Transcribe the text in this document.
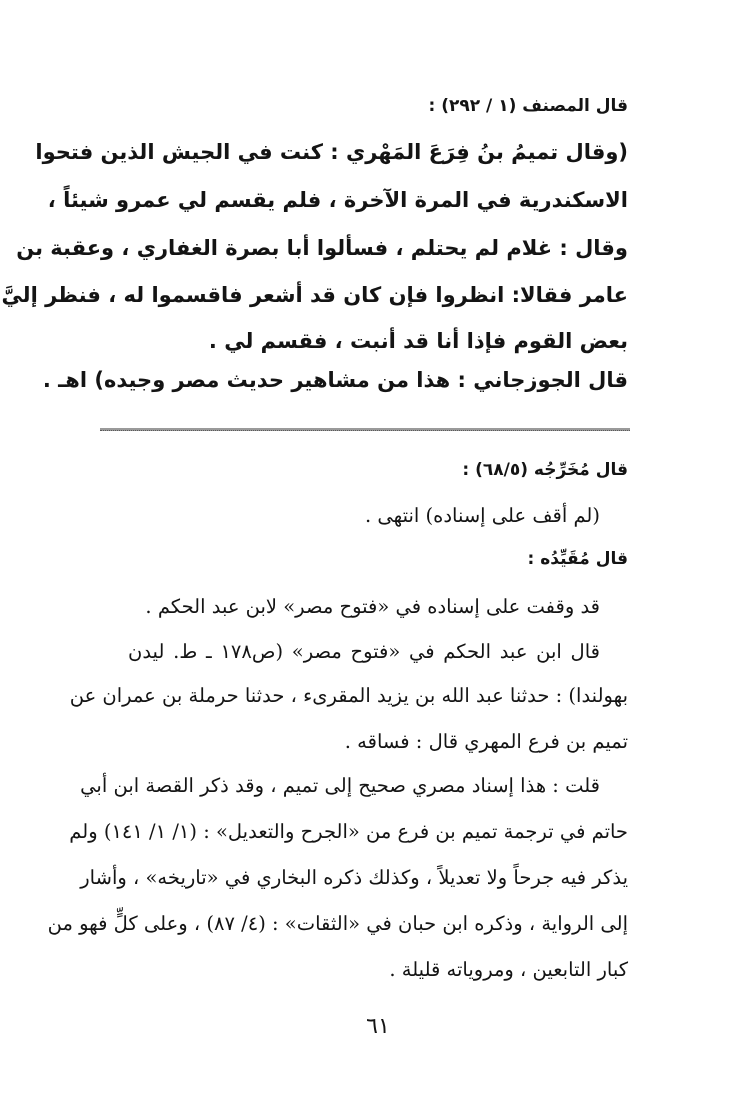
قال المصنف (١ / ٢٩٢) :
(وقال تميمُ بنُ فِرَعَ المَهْري : كنت في الجيش الذين فتحوا
الاسكندرية في المرة الآخرة ، فلم يقسم لي عمرو شيئاً ،
وقال : غلام لم يحتلم ، فسألوا أبا بصرة الغفاري ، وعقبة بن
عامر فقالا: انظروا فإن كان قد أشعر فاقسموا له ، فنظر إليَّ
بعض القوم فإذا أنا قد أنبت ، فقسم لي .
قال الجوزجاني : هذا من مشاهير حديث مصر وجيده) اهـ .
قال مُخَرِّجُه (٦٨/٥) :
(لم أقف على إسناده) انتهى .
قال مُقَيِّدُه :
قد وقفت على إسناده في «فتوح مصر» لابن عبد الحكم .
قال ابن عبد الحكم في «فتوح مصر» (ص١٧٨ ـ ط. ليدن
بهولندا) : حدثنا عبد الله بن يزيد المقرىء ، حدثنا حرملة بن عمران عن
تميم بن فرع المهري قال : فساقه .
قلت : هذا إسناد مصري صحيح إلى تميم ، وقد ذكر القصة ابن أبي
حاتم في ترجمة تميم بن فرع من «الجرح والتعديل» : (١/ ١/ ١٤١) ولم
يذكر فيه جرحاً ولا تعديلاً ، وكذلك ذكره البخاري في «تاريخه» ، وأشار
إلى الرواية ، وذكره ابن حبان في «الثقات» : (٤/ ٨٧) ، وعلى كلٍّ فهو من
كبار التابعين ، ومروياته قليلة .
٦١
